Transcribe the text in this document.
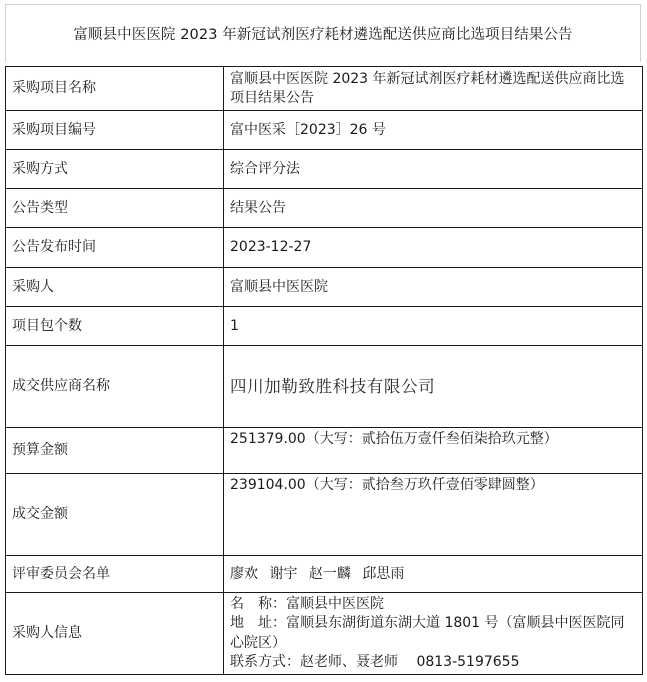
富顺县中医医院 2023 年新冠试剂医疗耗材遴选配送供应商比选项目结果公告
采购项目名称	富顺县中医医院 2023 年新冠试剂医疗耗材遴选配送供应商比选项目结果公告
采购项目编号	富中医采［2023］26 号
采购方式	综合评分法
公告类型	结果公告
公告发布时间	2023-12-27
采购人	富顺县中医医院
项目包个数	1
成交供应商名称	四川加勒致胜科技有限公司
预算金额	251379.00（大写：贰拾伍万壹仟叁佰柒拾玖元整）
成交金额	239104.00（大写：贰拾叁万玖仟壹佰零肆圆整）
评审委员会名单	廖欢 谢宇 赵一麟 邱思雨
采购人信息	名　称：富顺县中医医院
地　址：富顺县东湖街道东湖大道 1801 号（富顺县中医医院同心院区）
联系方式：赵老师、聂老师　 0813-5197655
